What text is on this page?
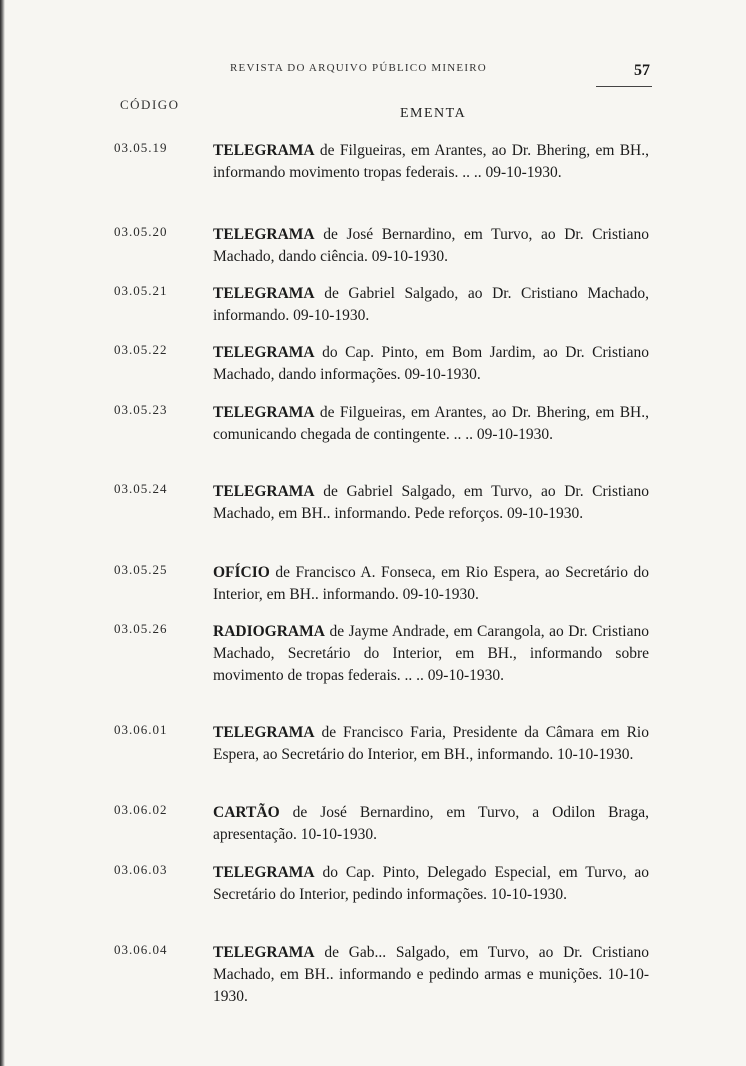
REVISTA DO ARQUIVO PÚBLICO MINEIRO	57
CÓDIGO
EMENTA
03.05.19	TELEGRAMA de Filgueiras, em Arantes, ao Dr. Bhering, em BH., informando movimento tropas federais. .. .. 09-10-1930.
03.05.20	TELEGRAMA de José Bernardino, em Turvo, ao Dr. Cristiano Machado, dando ciência. 09-10-1930.
03.05.21	TELEGRAMA de Gabriel Salgado, ao Dr. Cristiano Machado, informando. 09-10-1930.
03.05.22	TELEGRAMA do Cap. Pinto, em Bom Jardim, ao Dr. Cristiano Machado, dando informações. 09-10-1930.
03.05.23	TELEGRAMA de Filgueiras, em Arantes, ao Dr. Bhering, em BH., comunicando chegada de contingente. .. .. 09-10-1930.
03.05.24	TELEGRAMA de Gabriel Salgado, em Turvo, ao Dr. Cristiano Machado, em BH.. informando. Pede reforços. 09-10-1930.
03.05.25	OFÍCIO de Francisco A. Fonseca, em Rio Espera, ao Secretário do Interior, em BH.. informando. 09-10-1930.
03.05.26	RADIOGRAMA de Jayme Andrade, em Carangola, ao Dr. Cristiano Machado, Secretário do Interior, em BH., informando sobre movimento de tropas federais. .. .. 09-10-1930.
03.06.01	TELEGRAMA de Francisco Faria, Presidente da Câmara em Rio Espera, ao Secretário do Interior, em BH., informando. 10-10-1930.
03.06.02	CARTÃO de José Bernardino, em Turvo, a Odilon Braga, apresentação. 10-10-1930.
03.06.03	TELEGRAMA do Cap. Pinto, Delegado Especial, em Turvo, ao Secretário do Interior, pedindo informações. 10-10-1930.
03.06.04	TELEGRAMA de Gab... Salgado, em Turvo, ao Dr. Cristiano Machado, em BH.. informando e pedindo armas e munições. 10-10-1930.
